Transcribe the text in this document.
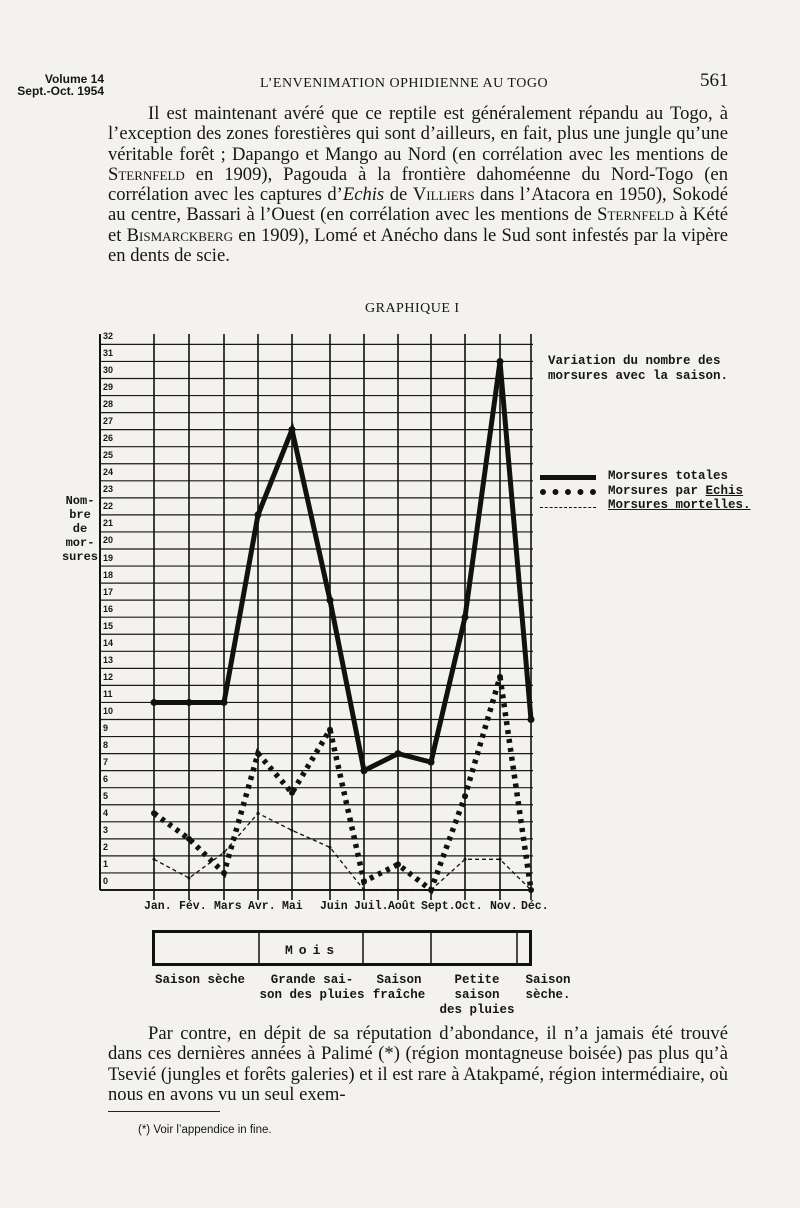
Volume 14
Sept.-Oct. 1954	L’ENVENIMATION OPHIDIENNE AU TOGO	561
Il est maintenant avéré que ce reptile est généralement répandu au Togo, à l’exception des zones forestières qui sont d’ailleurs, en fait, plus une jungle qu’une véritable forêt ; Dapango et Mango au Nord (en corrélation avec les mentions de Sternfeld en 1909), Pagouda à la frontière dahoméenne du Nord-Togo (en corrélation avec les captures d’Echis de Villiers dans l’Atacora en 1950), Sokodé au centre, Bassari à l’Ouest (en corrélation avec les mentions de Sternfeld à Kété et Bismarckberg en 1909), Lomé et Anécho dans le Sud sont infestés par la vipère en dents de scie.
GRAPHIQUE I
Nom-
bre
de
mor-
sures
Variation du nombre des
morsures avec la saison.
Morsures totales
Morsures par Echis
Morsures mortelles.
Jan. Fév. Mars Avr. Mai Juin Juil. Août Sept. Oct. Nov. Déc.
0
1
2
3
4
5
6
7
8
9
10
11
12
13
14
15
16
17
18
19
20
21
22
23
24
25
26
27
28
29
30
31
32
Mois
Saison sèche	Grande sai-
son des pluies
Saison
fraîche
Petite
saison
des pluies
Saison
sèche.
Par contre, en dépit de sa réputation d’abondance, il n’a jamais été trouvé dans ces dernières années à Palimé (*) (région montagneuse boisée) pas plus qu’à Tsevié (jungles et forêts galeries) et il est rare à Atakpamé, région intermédiaire, où nous en avons vu un seul exem-
(*) Voir l’appendice in fine.
